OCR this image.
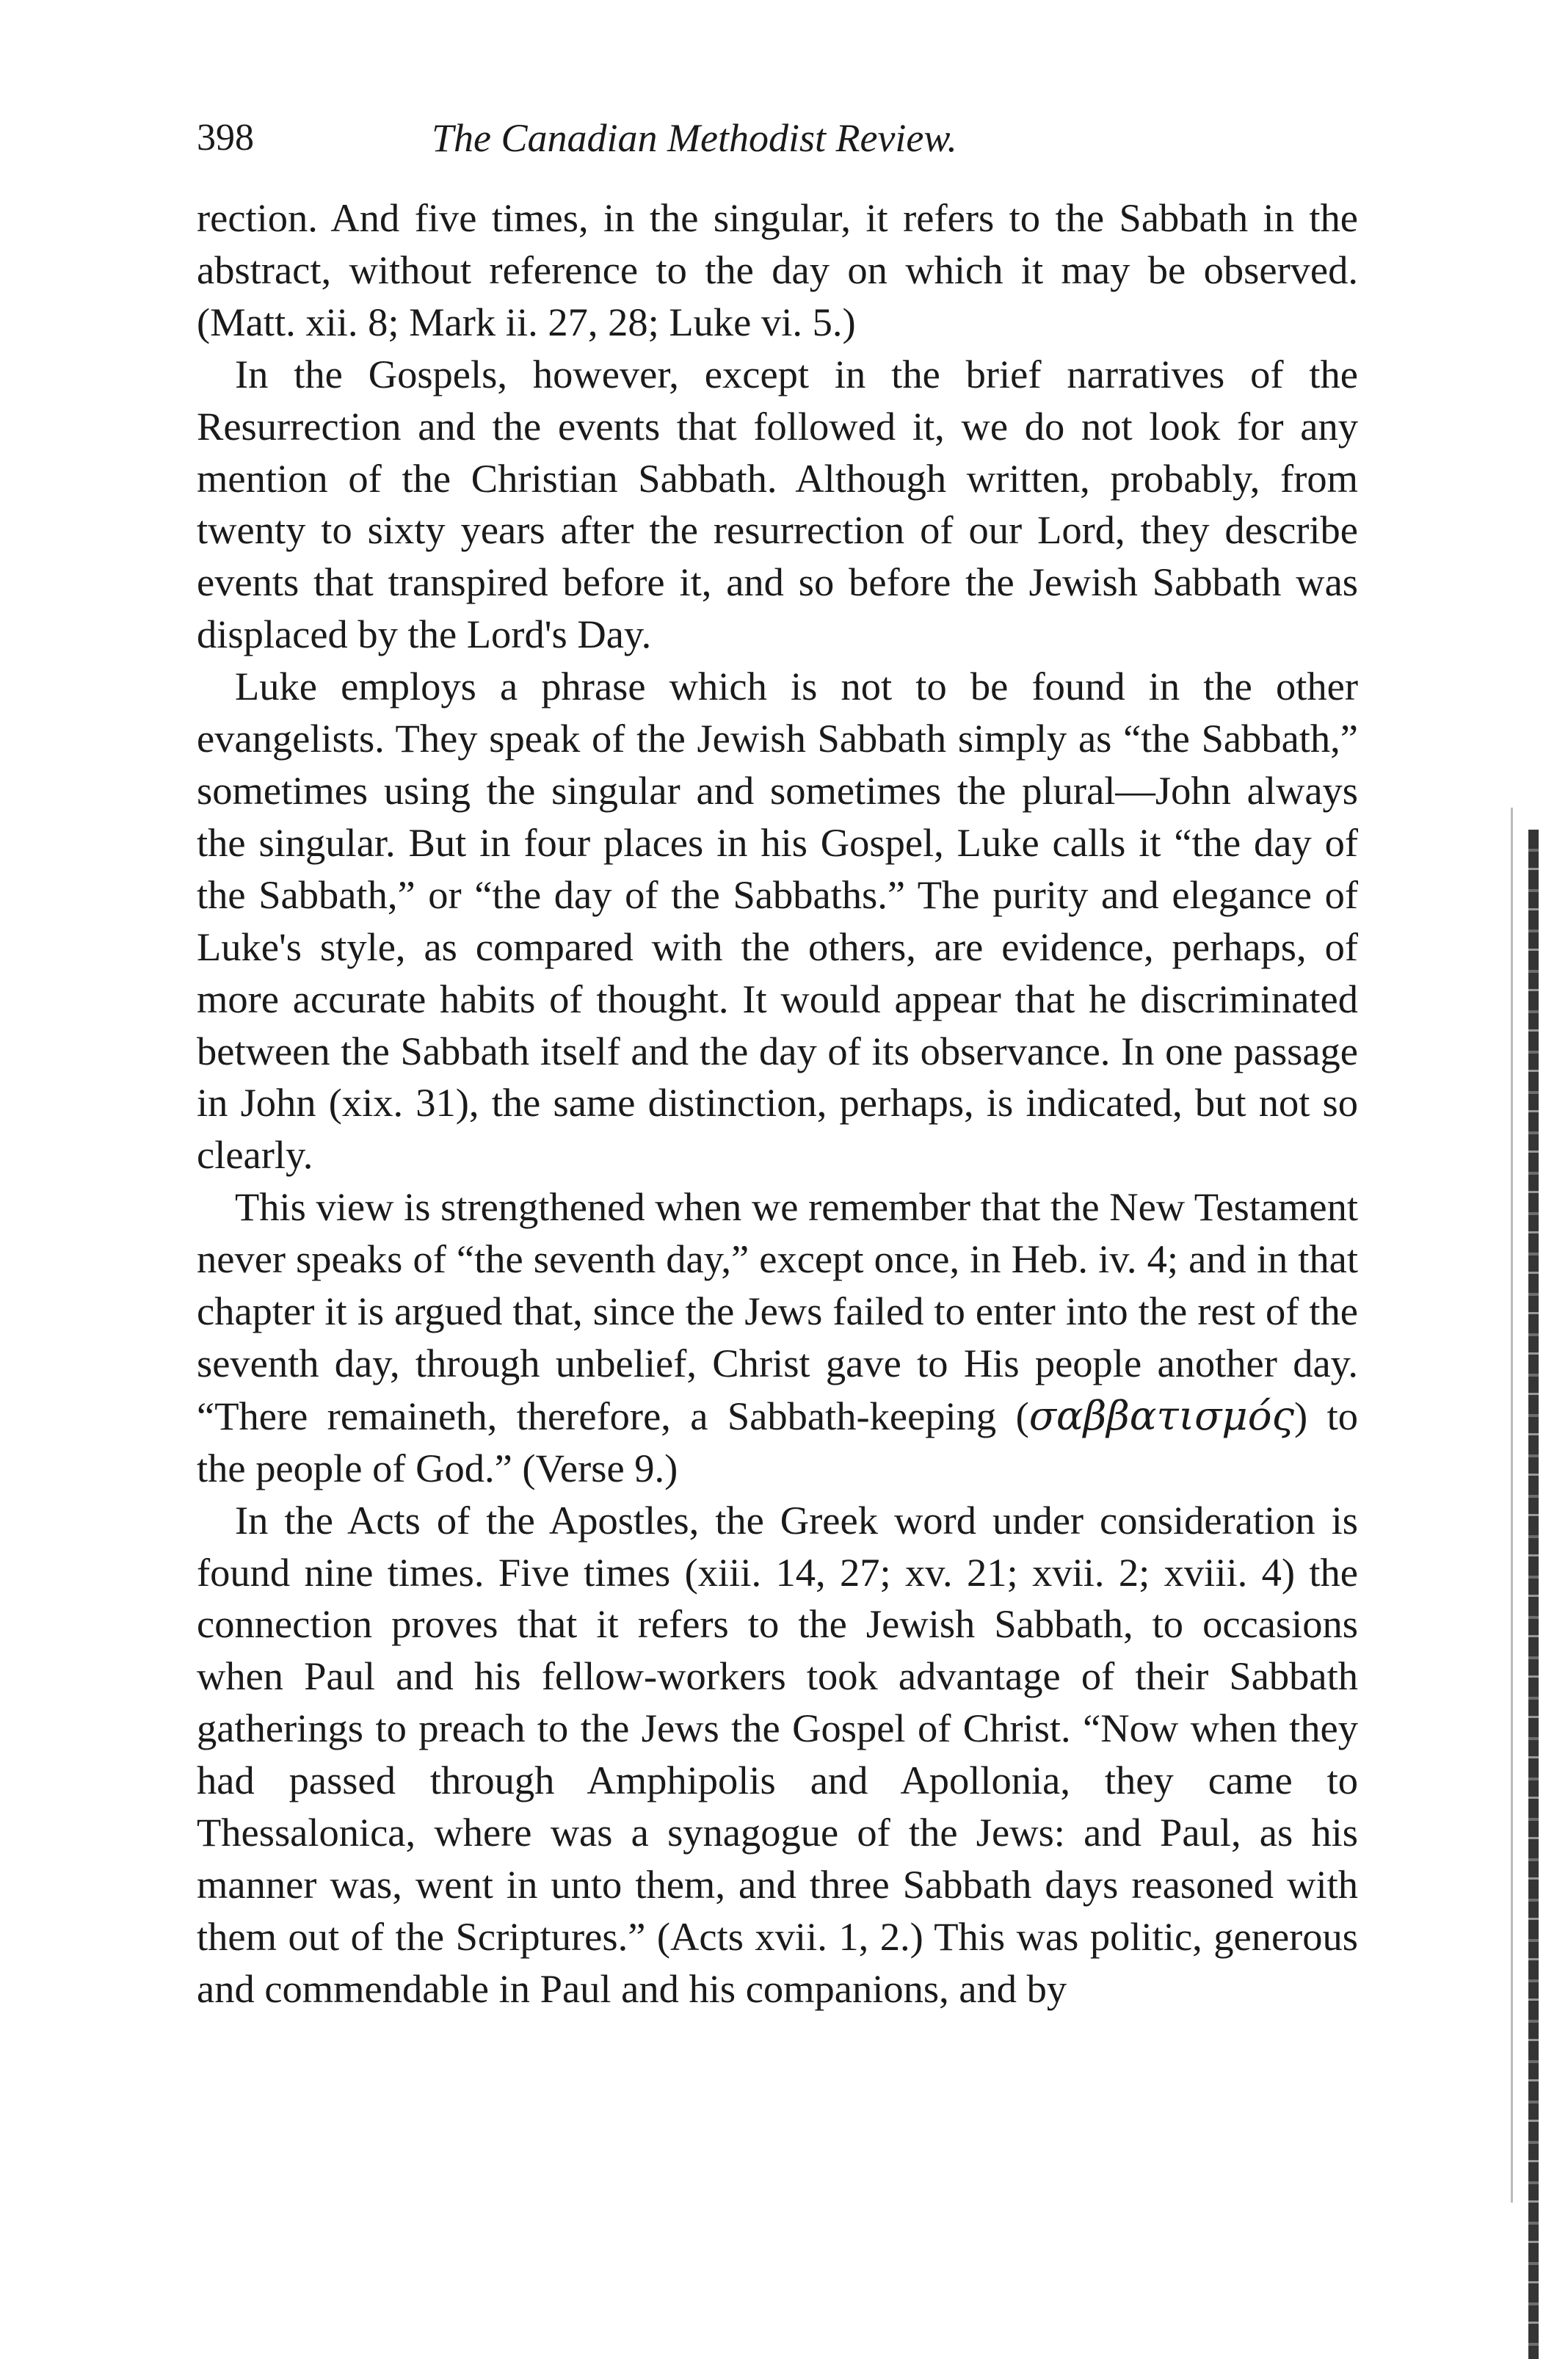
398	The Canadian Methodist Review.

rection. And five times, in the singular, it refers to the Sabbath in the abstract, without reference to the day on which it may be observed. (Matt. xii. 8; Mark ii. 27, 28; Luke vi. 5.)

In the Gospels, however, except in the brief narratives of the Resurrection and the events that followed it, we do not look for any mention of the Christian Sabbath. Although written, probably, from twenty to sixty years after the resurrection of our Lord, they describe events that transpired before it, and so before the Jewish Sabbath was displaced by the Lord's Day.

Luke employs a phrase which is not to be found in the other evangelists. They speak of the Jewish Sabbath simply as “the Sabbath,” sometimes using the singular and sometimes the plural—John always the singular. But in four places in his Gospel, Luke calls it “the day of the Sabbath,” or “the day of the Sabbaths.” The purity and elegance of Luke's style, as compared with the others, are evidence, perhaps, of more accurate habits of thought. It would appear that he discriminated between the Sabbath itself and the day of its observance. In one passage in John (xix. 31), the same distinction, perhaps, is indicated, but not so clearly.

This view is strengthened when we remember that the New Testament never speaks of “the seventh day,” except once, in Heb. iv. 4; and in that chapter it is argued that, since the Jews failed to enter into the rest of the seventh day, through unbelief, Christ gave to His people another day. “There remaineth, therefore, a Sabbath-keeping (σαββατισμός) to the people of God.” (Verse 9.)

In the Acts of the Apostles, the Greek word under consideration is found nine times. Five times (xiii. 14, 27; xv. 21; xvii. 2; xviii. 4) the connection proves that it refers to the Jewish Sabbath, to occasions when Paul and his fellow-workers took advantage of their Sabbath gatherings to preach to the Jews the Gospel of Christ. “Now when they had passed through Amphipolis and Apollonia, they came to Thessalonica, where was a synagogue of the Jews: and Paul, as his manner was, went in unto them, and three Sabbath days reasoned with them out of the Scriptures.” (Acts xvii. 1, 2.) This was politic, generous and commendable in Paul and his companions, and by
